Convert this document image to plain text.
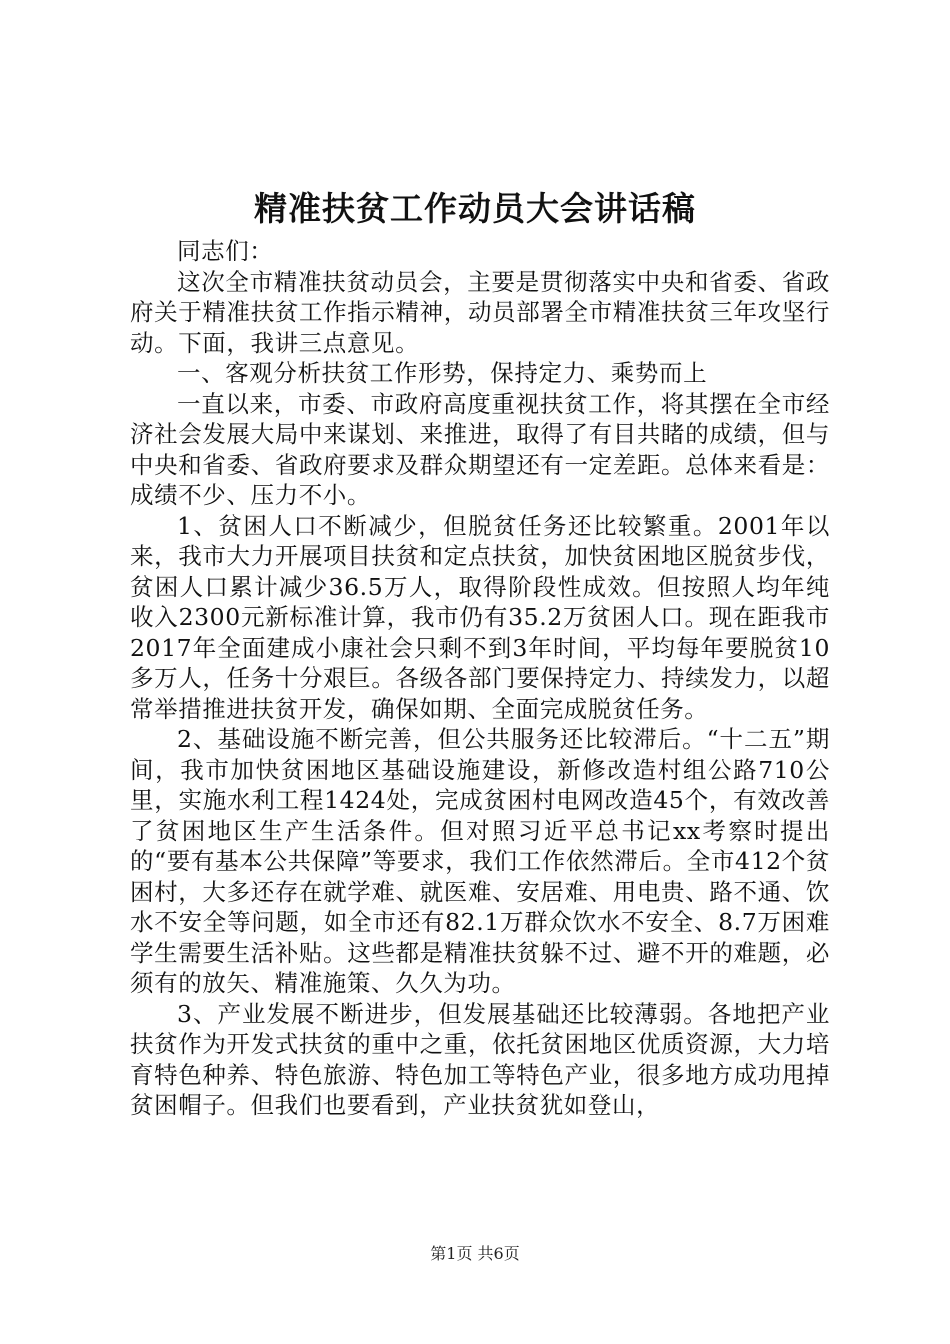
精准扶贫工作动员大会讲话稿

同志们：

这次全市精准扶贫动员会，主要是贯彻落实中央和省委、省政府关于精准扶贫工作指示精神，动员部署全市精准扶贫三年攻坚行动。下面，我讲三点意见。

一、客观分析扶贫工作形势，保持定力、乘势而上

一直以来，市委、市政府高度重视扶贫工作，将其摆在全市经济社会发展大局中来谋划、来推进，取得了有目共睹的成绩，但与中央和省委、省政府要求及群众期望还有一定差距。总体来看是：成绩不少、压力不小。

1、贫困人口不断减少，但脱贫任务还比较繁重。2001年以来，我市大力开展项目扶贫和定点扶贫，加快贫困地区脱贫步伐，贫困人口累计减少36.5万人，取得阶段性成效。但按照人均年纯收入2300元新标准计算，我市仍有35.2万贫困人口。现在距我市2017年全面建成小康社会只剩不到3年时间，平均每年要脱贫10多万人，任务十分艰巨。各级各部门要保持定力、持续发力，以超常举措推进扶贫开发，确保如期、全面完成脱贫任务。

2、基础设施不断完善，但公共服务还比较滞后。“十二五”期间，我市加快贫困地区基础设施建设，新修改造村组公路710公里，实施水利工程1424处，完成贫困村电网改造45个，有效改善了贫困地区生产生活条件。但对照习近平总书记xx考察时提出的“要有基本公共保障”等要求，我们工作依然滞后。全市412个贫困村，大多还存在就学难、就医难、安居难、用电贵、路不通、饮水不安全等问题，如全市还有82.1万群众饮水不安全、8.7万困难学生需要生活补贴。这些都是精准扶贫躲不过、避不开的难题，必须有的放矢、精准施策、久久为功。

3、产业发展不断进步，但发展基础还比较薄弱。各地把产业扶贫作为开发式扶贫的重中之重，依托贫困地区优质资源，大力培育特色种养、特色旅游、特色加工等特色产业，很多地方成功甩掉贫困帽子。但我们也要看到，产业扶贫犹如登山，

第1页 共6页
